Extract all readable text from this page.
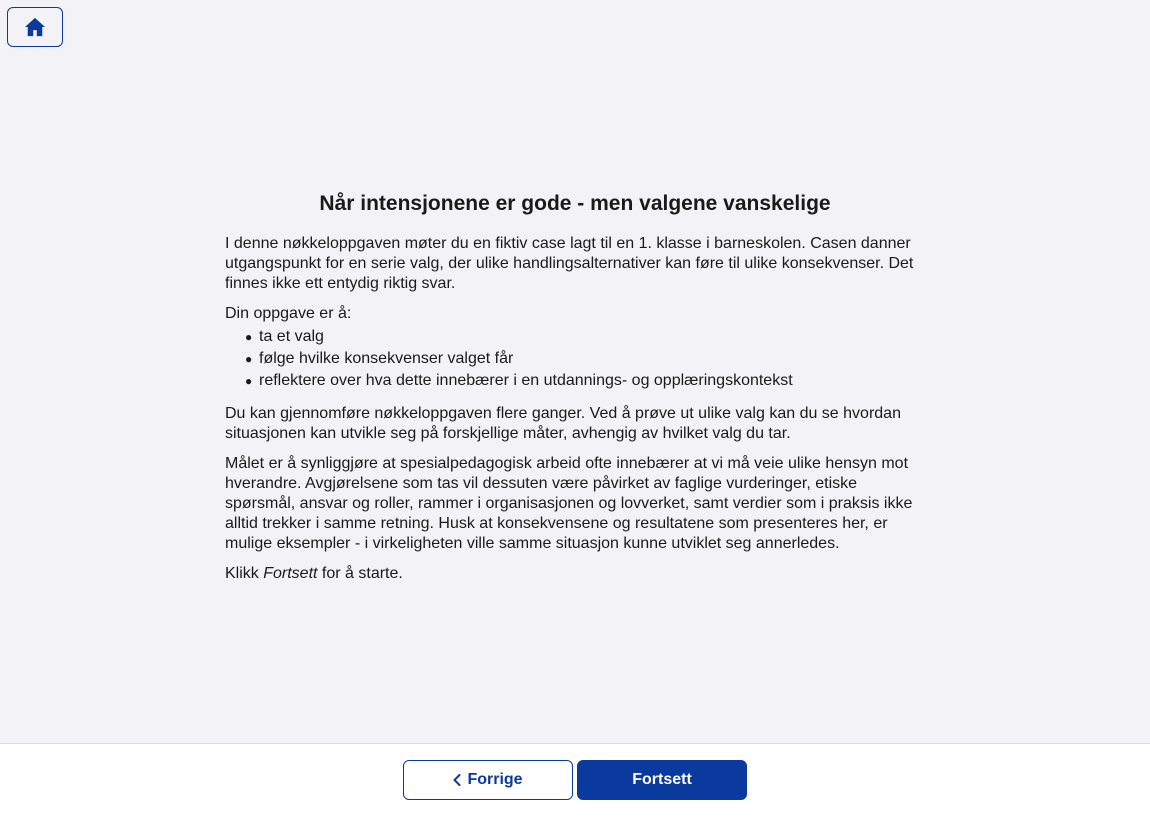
Når intensjonene er gode - men valgene vanskelige

I denne nøkkeloppgaven møter du en fiktiv case lagt til en 1. klasse i barneskolen. Casen danner utgangspunkt for en serie valg, der ulike handlingsalternativer kan føre til ulike konsekvenser. Det finnes ikke ett entydig riktig svar.

Din oppgave er å:

● ta et valg
● følge hvilke konsekvenser valget får
● reflektere over hva dette innebærer i en utdannings- og opplæringskontekst

Du kan gjennomføre nøkkeloppgaven flere ganger. Ved å prøve ut ulike valg kan du se hvordan situasjonen kan utvikle seg på forskjellige måter, avhengig av hvilket valg du tar.

Målet er å synliggjøre at spesialpedagogisk arbeid ofte innebærer at vi må veie ulike hensyn mot hverandre. Avgjørelsene som tas vil dessuten være påvirket av faglige vurderinger, etiske spørsmål, ansvar og roller, rammer i organisasjonen og lovverket, samt verdier som i praksis ikke alltid trekker i samme retning. Husk at konsekvensene og resultatene som presenteres her, er mulige eksempler - i virkeligheten ville samme situasjon kunne utviklet seg annerledes.

Klikk Fortsett for å starte.

Forrige	Fortsett
